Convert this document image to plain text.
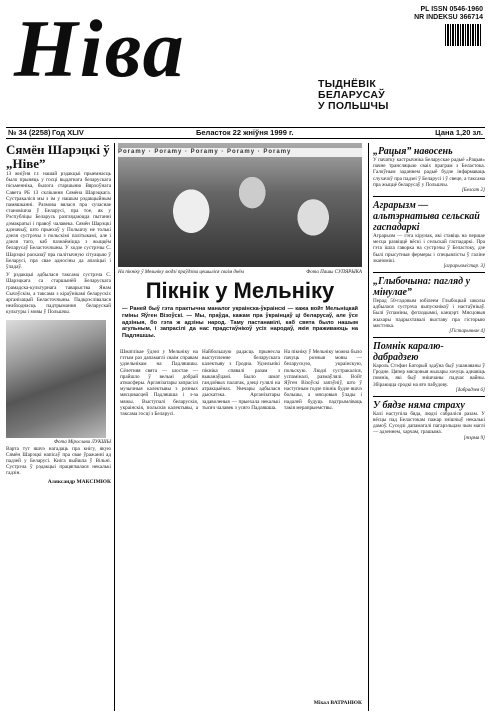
Ніва	PL ISSN 0546-1960
NR INDEKSU 366714
ТЫДНЁВІК
БЕЛАРУСАЎ
У ПОЛЬШЧЫ
№ 34 (2258) Год XLIV	Беласток 22 жніўня 1999 г.	Цана 1,20 зл.
Сямён Шарэцкі ў „Ніве”

13 жніўня г.г. нашай рэдакцыі прыемнасць было прыняць у госці выдатнага беларускага пісьменніка, былога старшыню Вярхоўнага Савета РБ 13 склікання Сямёна Шарэцкага. Сустракаліся мы з ім у нашым рэдакцыйным памяшканні. Размова вялася пра сучаснае становішча ў Беларусі, пра тое, як у Рэспубліцы Беларусь разглядаюцца пытанні дэмакратыі і правоў чалавека. Сямён Шарэцкі адзначыў, што прыехаў у Польшчу не толькі дзеля сустрэчы з польскімі палітыкамі, але і дзеля таго, каб пазнаёміцца з жыццём беларусаў Беласточчыны. У ходзе сустрэчы С. Шарэцкі расказаў пра палітычную сітуацыю ў Беларусі, пра свае адносіны да апазіцыі і ўладаў.

У рэдакцыі адбылася таксама сустрэча С. Шарэцкага са старшынёй Беларускага грамадска-культурнага таварыства Янам Сычэўскім, а таксама з кіраўнікамі беларускіх арганізацый Беласточчыны. Падкрэслівалася неабходнасць падтрымання беларускай культуры і мовы ў Польшчы.

Фота Мірослава ЛУКШЫ

Варта тут яшчэ нагадаць пра кнігу, якую Сямён Шарэцкі напісаў пра свае ўражанні ад падзей у Беларусі. Кніга выйшла ў Вільні. Сустрэча ў рэдакцыі працягвалася некалькі гадзін.

Аляксандр МАКСІМЮК
Poramy · Poramy · Poramy · Poramy · Poramy
На пікніку ў Мельніку людзі праўдзіва цешыліся сваім днём	Фота Пашы СУПЯРЫКА
Пікнік у Мельніку

— Раней быў гэта практычна маналог украінска-ўкраінскі — кажа войт Мельніцкай гміны Яўген Візоўскі. — Мы, праўда, кажам пра ўкраінцаў ці беларусаў, але ўсе адзіныя, бо гэта ж адзіны народ. Таму пастанавілі, каб свята было нашым агульным, і запрасілі да нас прадстаўнікоў усіх народаў, якія праживаюць на Падляшшы.

Шматлікае ўдзел у Мельніку на гэтым раз дапамаглі сваім справам удзельнікам на Падляшшы. Сёлетняя свята — шостае — прайшло ў вельмі добрай атмасферы. Арганізатары запрасілі музычныя калектывы з розных мясцовасцей Падляшша і з-за мяжы. Выступалі беларускія, украінскія, польскія калектывы, а таксама госці з Беларусі.

Найбольшую радасць прынесла выступленне беларускага калектыву з Гродна. Удзельнікі пікніка спявалі разам з выканаўцамі. Было шмат гандлёвых палатак, дзеці гулялі на атракцыёнах. Увечары адбылася дыскатэка. Арганізатары задаволеныя — прыехала некалькі тысяч чалавек з усяго Падляшша.

На пікніку ў Мельніку можна было пачуць розныя мовы — беларускую, украінскую, польскую. Людзі сустракаліся, успаміналі, размаўлялі. Войт Яўген Візоўскі запэўніў, што ў наступным годзе пікнік будзе яшчэ большы, а мясцовыя ўлады і надалей будуць падтрымліваць такія мерапрыемствы.

Міхал ВАТРАНЮК
„Рацыя” навосень

У пачатку кастрычніка Беларускае радыё «Рацыя» пачне трансляцыю сваіх праграм з Беластока. Галоўным заданнем радыё будзе інфармаваць слухачоў пра падзеі ў Беларусі і ў свеце, а таксама пра жыццё беларусаў у Польшчы.

[Белсат 2]
Аграрызм — альтэрнатыва сельскай гаспадаркі

Аграрызм — гэта кірунак, які ставіць на першае месца развіццё вёскі і сельскай гаспадаркі. Пра гэта ішла гаворка на сустрэчы ў Беластоку, дзе былі прысутныя фермеры і спецыялісты ў галіне эканомікі.

[аграрызм/стар. 3]
„Глыбочына: пагляд у мінулае”

Перад 50-гадовым юбілеем Глыбоцкай школы адбылася сустрэча выпускнікоў і настаўнікаў. Былі ўспаміны, фотаздымкі, канцэрт. Мясцовыя жыхары падрыхтавалі выставу пра гісторыю мястэчка.

[Гістарычнае 4]
Помнік каралю-дабрадзею

Кароль Стэфан Баторый здаўна быў ушанаваны ў Гродне. Цяпер мясцовыя жыхары хочуць аднавіць помнік, які быў знішчаны падчас вайны. Збіраюцца сродкі на яго пабудову.

[дабрадзея 6]
У бядзе няма страху

Калі наступіла бяда, людзі сабраліся разам. У вёсцы пад Беластокам пажар знішчыў некалькі дамоў. Суседзі дапамагалі пагарэльцам чым маглі — адзеннем, харчам, грашыма.

[тэрма 9]
